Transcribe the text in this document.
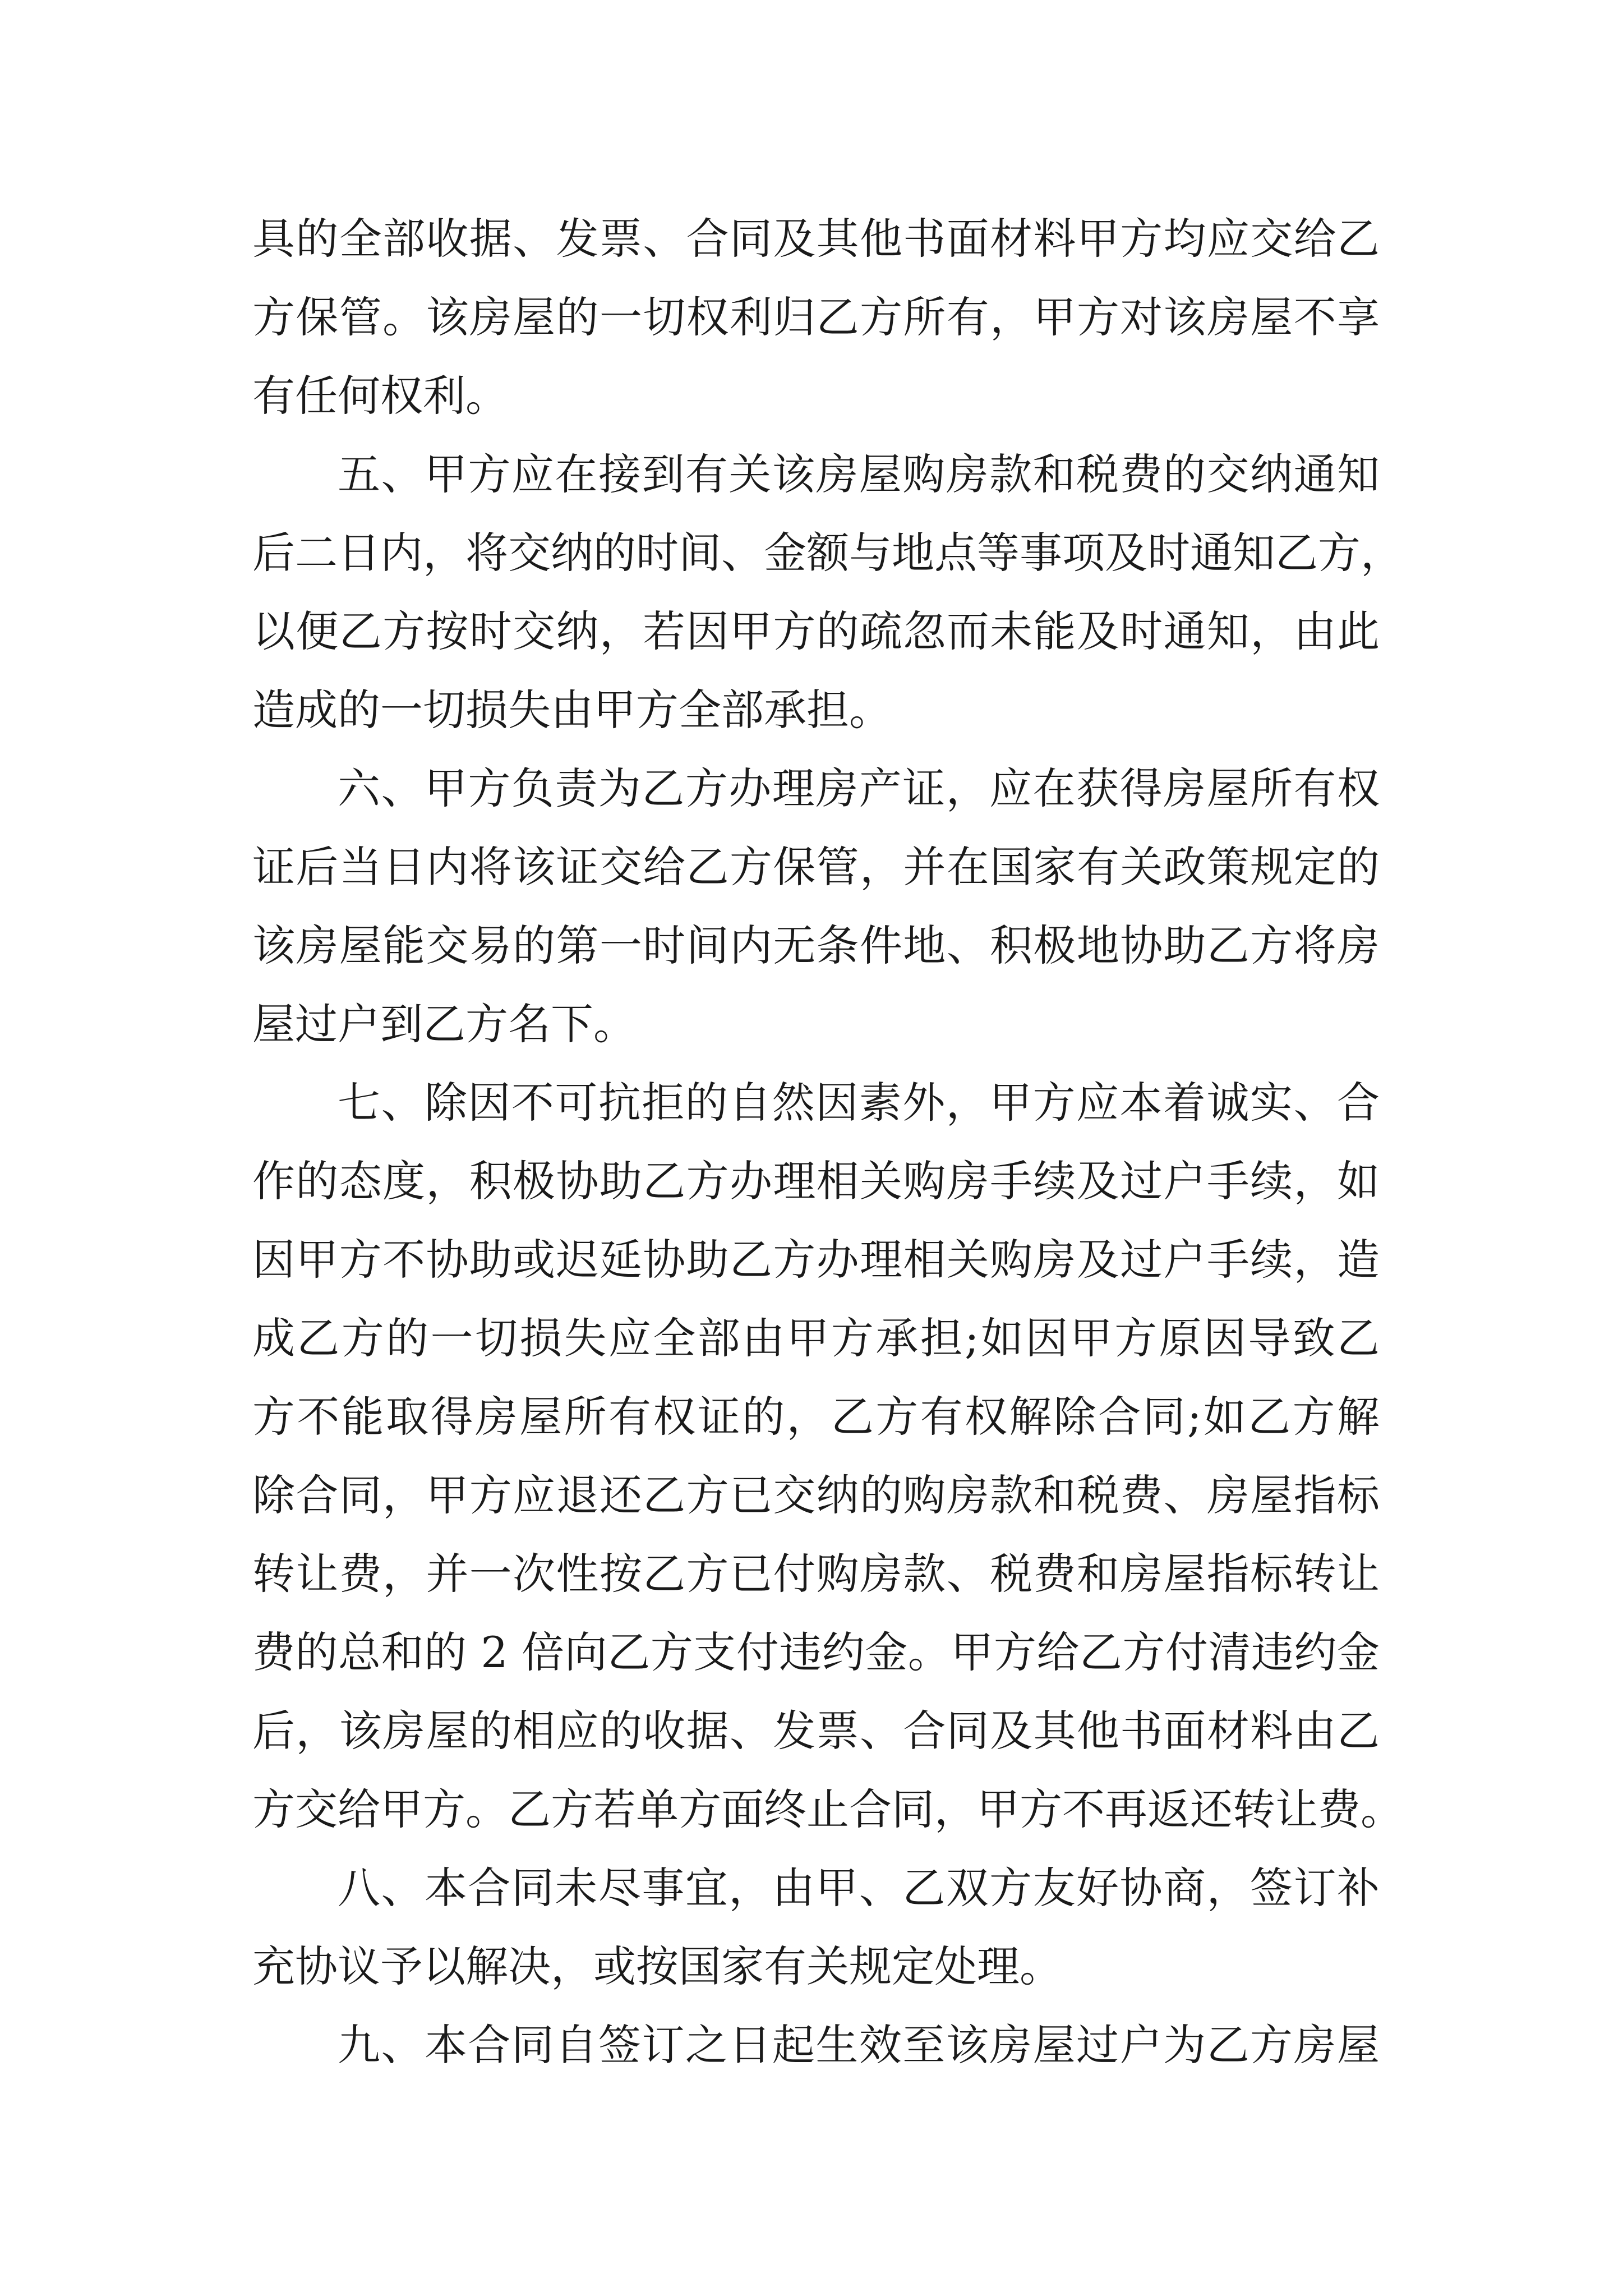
具的全部收据、发票、合同及其他书面材料甲方均应交给乙
方保管。该房屋的一切权利归乙方所有，甲方对该房屋不享
有任何权利。
五、甲方应在接到有关该房屋购房款和税费的交纳通知
后二日内，将交纳的时间、金额与地点等事项及时通知乙方，
以便乙方按时交纳，若因甲方的疏忽而未能及时通知，由此
造成的一切损失由甲方全部承担。
六、甲方负责为乙方办理房产证，应在获得房屋所有权
证后当日内将该证交给乙方保管，并在国家有关政策规定的
该房屋能交易的第一时间内无条件地、积极地协助乙方将房
屋过户到乙方名下。
七、除因不可抗拒的自然因素外，甲方应本着诚实、合
作的态度，积极协助乙方办理相关购房手续及过户手续，如
因甲方不协助或迟延协助乙方办理相关购房及过户手续，造
成乙方的一切损失应全部由甲方承担;如因甲方原因导致乙
方不能取得房屋所有权证的，乙方有权解除合同;如乙方解
除合同，甲方应退还乙方已交纳的购房款和税费、房屋指标
转让费，并一次性按乙方已付购房款、税费和房屋指标转让
费的总和的 2 倍向乙方支付违约金。甲方给乙方付清违约金
后，该房屋的相应的收据、发票、合同及其他书面材料由乙
方交给甲方。乙方若单方面终止合同，甲方不再返还转让费。
八、本合同未尽事宜，由甲、乙双方友好协商，签订补
充协议予以解决，或按国家有关规定处理。
九、本合同自签订之日起生效至该房屋过户为乙方房屋
